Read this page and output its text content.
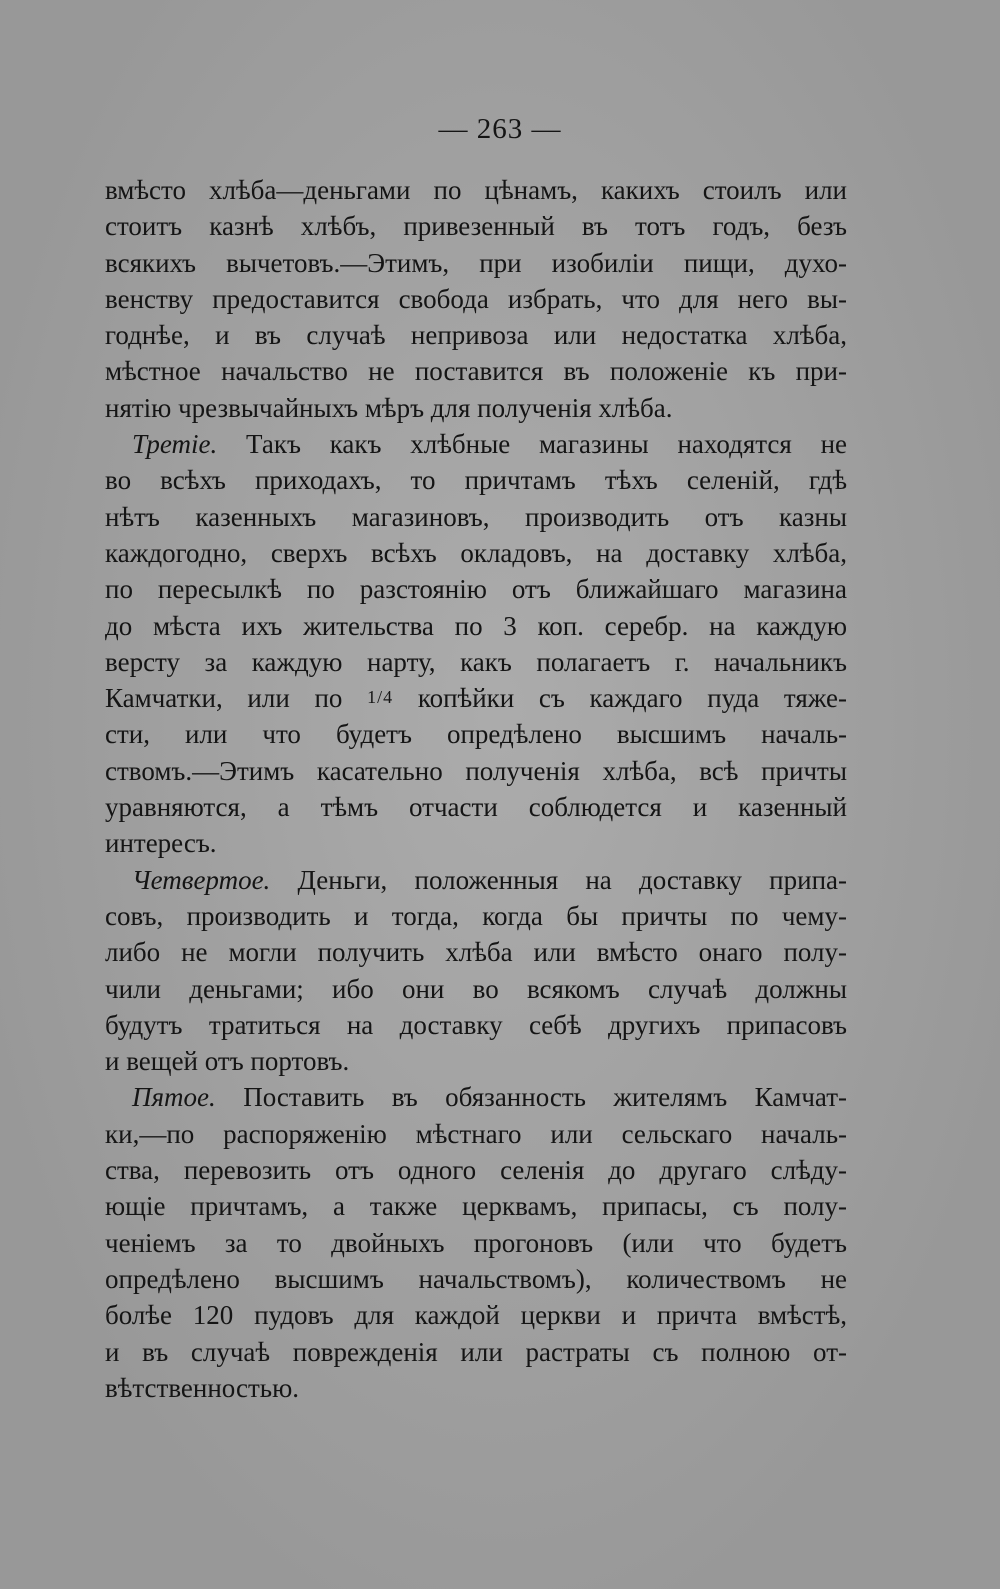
— 263 —
вмѣсто хлѣба—деньгами по цѣнамъ, какихъ стоилъ или
стоитъ казнѣ хлѣбъ, привезенный въ тотъ годъ, безъ
всякихъ вычетовъ.—Этимъ, при изобиліи пищи, духо-
венству предоставится свобода избрать, что для него вы-
годнѣе, и въ случаѣ непривоза или недостатка хлѣба,
мѣстное начальство не поставится въ положеніе къ при-
нятію чрезвычайныхъ мѣръ для полученія хлѣба.
Третіе. Такъ какъ хлѣбные магазины находятся не
во всѣхъ приходахъ, то причтамъ тѣхъ селеній, гдѣ
нѣтъ казенныхъ магазиновъ, производить отъ казны
каждогодно, сверхъ всѣхъ окладовъ, на доставку хлѣба,
по пересылкѣ по разстоянію отъ ближайшаго магазина
до мѣста ихъ жительства по 3 коп. серебр. на каждую
версту за каждую нарту, какъ полагаетъ г. начальникъ
Камчатки, или по 1/4 копѣйки съ каждаго пуда тяже-
сти, или что будетъ опредѣлено высшимъ началь-
ствомъ.—Этимъ касательно полученія хлѣба, всѣ причты
уравняются, а тѣмъ отчасти соблюдется и казенный
интересъ.
Четвертое. Деньги, положенныя на доставку припа-
совъ, производить и тогда, когда бы причты по чему-
либо не могли получить хлѣба или вмѣсто онаго полу-
чили деньгами; ибо они во всякомъ случаѣ должны
будутъ тратиться на доставку себѣ другихъ припасовъ
и вещей отъ портовъ.
Пятое. Поставить въ обязанность жителямъ Камчат-
ки,—по распоряженію мѣстнаго или сельскаго началь-
ства, перевозить отъ одного селенія до другаго слѣду-
ющіе причтамъ, а также церквамъ, припасы, съ полу-
ченіемъ за то двойныхъ прогоновъ (или что будетъ
опредѣлено высшимъ начальствомъ), количествомъ не
болѣе 120 пудовъ для каждой церкви и причта вмѣстѣ,
и въ случаѣ поврежденія или растраты съ полною от-
вѣтственностью.
